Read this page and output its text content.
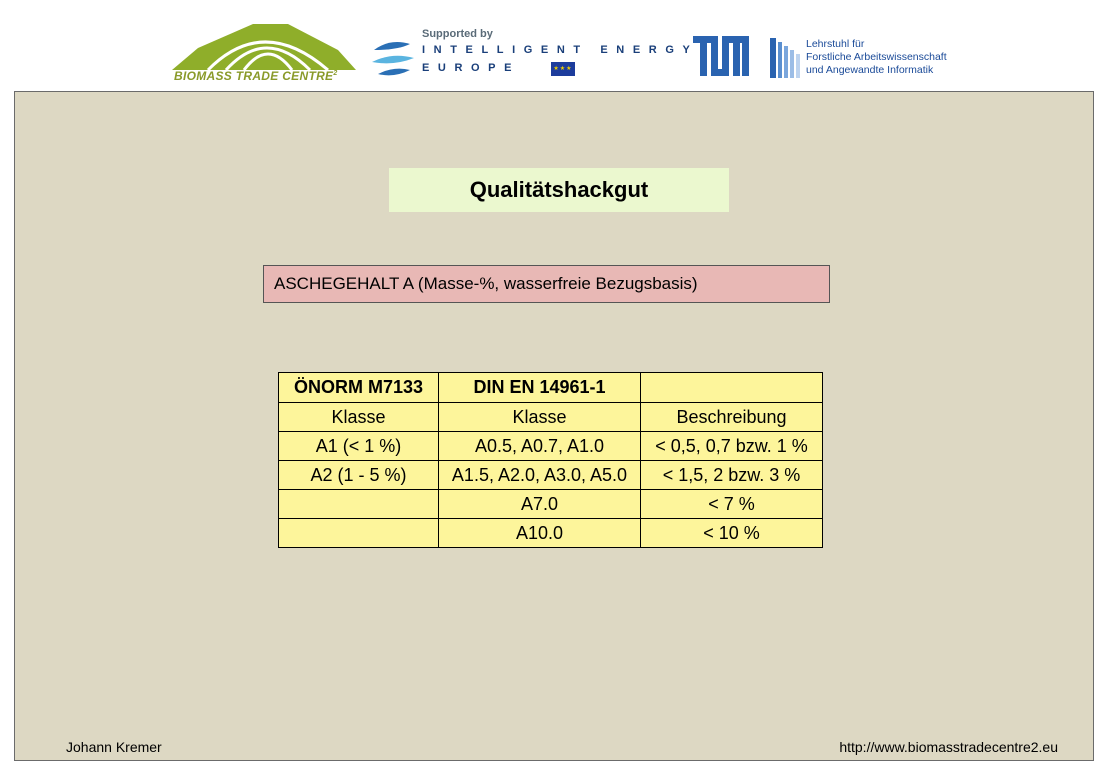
BIOMASS TRADE CENTRE$^2$
Supported by
INTELLIGENT ENERGY
EUROPE	★★★
Lehrstuhl für
Forstliche Arbeitswissenschaft
und Angewandte Informatik
Qualitätshackgut
ASCHEGEHALT A (Masse-%, wasserfreie Bezugsbasis)
ÖNORM M7133	DIN EN 14961-1	
Klasse	Klasse	Beschreibung
A1 (< 1 %)	A0.5, A0.7, A1.0	< 0,5, 0,7 bzw. 1 %
A2 (1 - 5 %)	A1.5, A2.0, A3.0, A5.0	< 1,5, 2 bzw. 3 %
	A7.0	< 7 %
	A10.0	< 10 %
Johann Kremer	http://www.biomasstradecentre2.eu
